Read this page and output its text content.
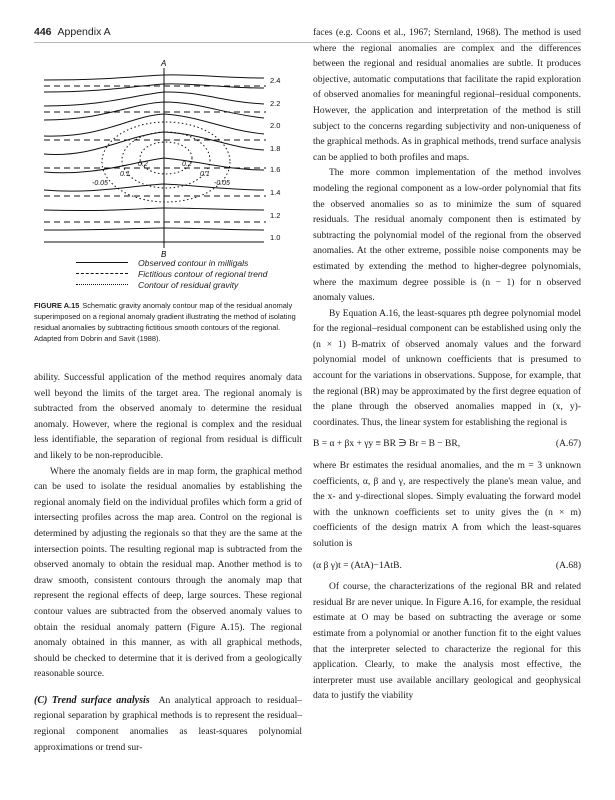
446 Appendix A
A
B
2.4
2.2
2.0
1.8
1.6
1.4
1.2
1.0
0.2	0.2
0.1	0.1
-0.05	-0.05
Observed contour in milligals
Fictitious contour of regional trend
Contour of residual gravity
FIGURE A.15 Schematic gravity anomaly contour map of the residual anomaly superimposed on a regional anomaly gradient illustrating the method of isolating residual anomalies by subtracting fictitious smooth contours of the regional. Adapted from Dobrin and Savit (1988).

ability. Successful application of the method requires anomaly data well beyond the limits of the target area. The regional anomaly is subtracted from the observed anomaly to determine the residual anomaly. However, where the regional is complex and the residual less identifiable, the separation of regional from residual is difficult and likely to be non-reproducible.

Where the anomaly fields are in map form, the graphical method can be used to isolate the residual anomalies by establishing the regional anomaly field on the individual profiles which form a grid of intersecting profiles across the map area. Control on the regional is determined by adjusting the regionals so that they are the same at the intersection points. The resulting regional map is subtracted from the observed anomaly to obtain the residual map. Another method is to draw smooth, consistent contours through the anomaly map that represent the regional effects of deep, large sources. These regional contour values are subtracted from the observed anomaly values to obtain the residual anomaly pattern (Figure A.15). The regional anomaly obtained in this manner, as with all graphical methods, should be checked to determine that it is derived from a geologically reasonable source.

(C) Trend surface analysis An analytical approach to residual–regional separation by graphical methods is to represent the residual–regional component anomalies as least-squares polynomial approximations or trend sur-

faces (e.g. Coons et al., 1967; Sternland, 1968). The method is used where the regional anomalies are complex and the differences between the regional and residual anomalies are subtle. It produces objective, automatic computations that facilitate the rapid exploration of observed anomalies for meaningful regional–residual components. However, the application and interpretation of the method is still subject to the concerns regarding subjectivity and non-uniqueness of the graphical methods. As in graphical methods, trend surface analysis can be applied to both profiles and maps.

The more common implementation of the method involves modeling the regional component as a low-order polynomial that fits the observed anomalies so as to minimize the sum of squared residuals. The residual anomaly component then is estimated by subtracting the polynomial model of the regional from the observed anomalies. At the other extreme, possible noise components may be estimated by extending the method to higher-degree polynomials, where the maximum degree possible is (n − 1) for n observed anomaly values.

By Equation A.16, the least-squares pth degree polynomial model for the regional–residual component can be established using only the (n × 1) B-matrix of observed anomaly values and the forward polynomial model of unknown coefficients that is presumed to account for the variations in observations. Suppose, for example, that the regional (BR) may be approximated by the first degree equation of the plane through the observed anomalies mapped in (x, y)-coordinates. Thus, the linear system for establishing the regional is

B = α + βx + γy ≡ BR ∋ Br = B − BR,	(A.67)

where Br estimates the residual anomalies, and the m = 3 unknown coefficients, α, β and γ, are respectively the plane's mean value, and the x- and y-directional slopes. Simply evaluating the forward model with the unknown coefficients set to unity gives the (n × m) coefficients of the design matrix A from which the least-squares solution is

(α β γ)t = (AtA)−1AtB.	(A.68)

Of course, the characterizations of the regional BR and related residual Br are never unique. In Figure A.16, for example, the residual estimate at O may be based on subtracting the average or some estimate from a polynomial or another function fit to the eight values that the interpreter selected to characterize the regional for this application. Clearly, to make the analysis most effective, the interpreter must use available ancillary geological and geophysical data to justify the viability
